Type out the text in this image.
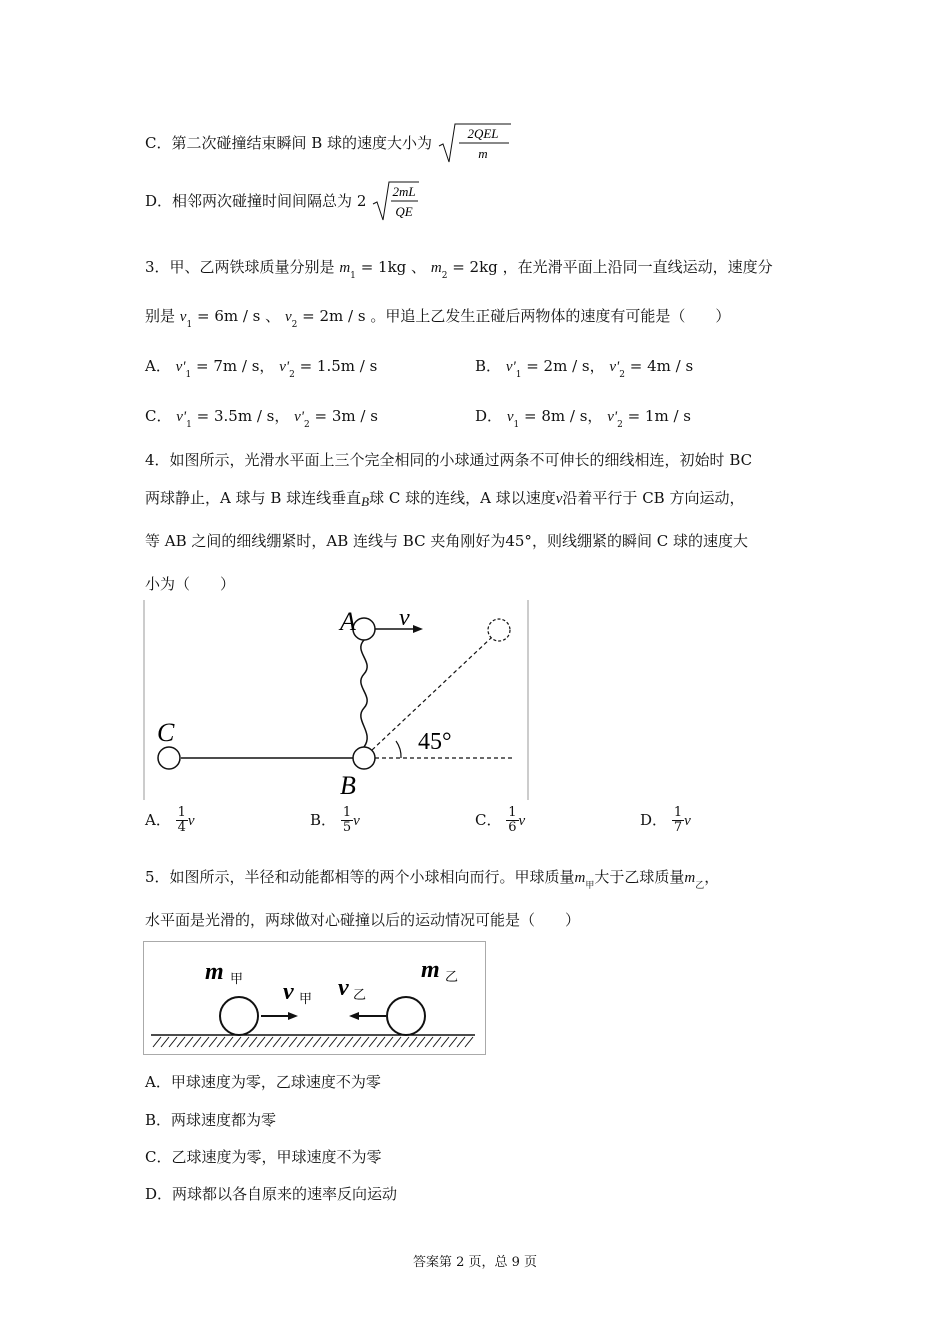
C．第二次碰撞结束瞬间 B 球的速度大小为
2QEL
m
D．相邻两次碰撞时间间隔总为 2
2mL
QE
3．甲、乙两铁球质量分别是 $m_1 = 1kg$ 、 $m_2 = 2kg$ ，在光滑平面上沿同一直线运动，速度分
别是 $v_1 = 6m / s$ 、 $v_2 = 2m / s$ 。甲追上乙发生正碰后两物体的速度有可能是（　　）
A． $v'_1 = 7m / s$， $v'_2 = 1.5m / s$	B． $v'_1 = 2m / s$， $v'_2 = 4m / s$
C． $v'_1 = 3.5m / s$， $v'_2 = 3m / s$	D． $v_1 = 8m / s$， $v'_2 = 1m / s$
4．如图所示，光滑水平面上三个完全相同的小球通过两条不可伸长的细线相连，初始时 BC
两球静止，A 球与 B 球连线垂直B球 C 球的连线，A 球以速度v沿着平行于 CB 方向运动，
等 AB 之间的细线绷紧时，AB 连线与 BC 夹角刚好为45°，则线绷紧的瞬间 C 球的速度大
小为（　　）
A v
C
B
45°
A． $\frac{1}{4}$ v	B． $\frac{1}{5}$ v	C． $\frac{1}{6}$ v	D． $\frac{1}{7}$ v
5．如图所示，半径和动能都相等的两个小球相向而行。甲球质量$m_甲$大于乙球质量$m_乙$，
水平面是光滑的，两球做对心碰撞以后的运动情况可能是（　　）
m 甲 v 甲 v 乙
m 乙
A．甲球速度为零，乙球速度不为零
B．两球速度都为零
C．乙球速度为零，甲球速度不为零
D．两球都以各自原来的速率反向运动
答案第 2 页，总 9 页
